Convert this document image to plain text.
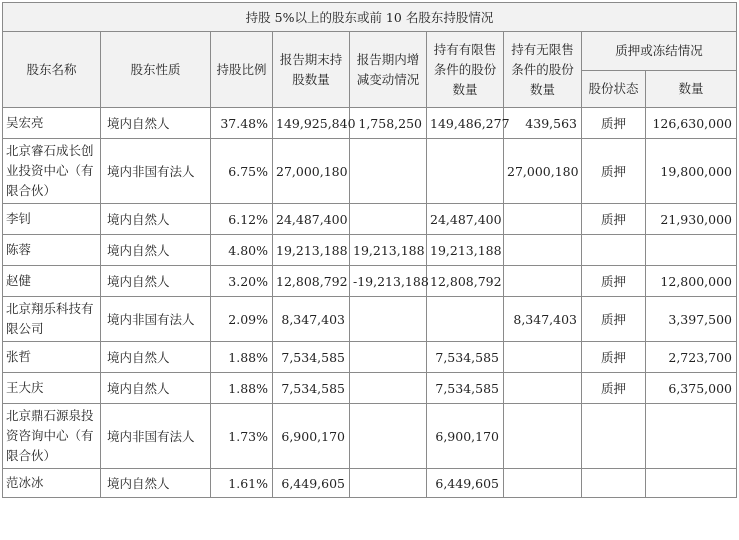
持股 5%以上的股东或前 10 名股东持股情况								
股东名称	股东性质	持股比例	报告期末持股数量	报告期内增减变动情况	持有有限售条件的股份数量	持有无限售条件的股份数量	质押或冻结情况	
							股份状态	数量
吴宏亮	境内自然人	37.48%	149,925,840	1,758,250	149,486,277	439,563	质押	126,630,000
北京睿石成长创业投资中心（有限合伙）	境内非国有法人	6.75%	27,000,180			27,000,180	质押	19,800,000
李钊	境内自然人	6.12%	24,487,400		24,487,400		质押	21,930,000
陈蓉	境内自然人	4.80%	19,213,188	19,213,188	19,213,188			
赵健	境内自然人	3.20%	12,808,792	-19,213,188	12,808,792		质押	12,800,000
北京翔乐科技有限公司	境内非国有法人	2.09%	8,347,403			8,347,403	质押	3,397,500
张哲	境内自然人	1.88%	7,534,585		7,534,585		质押	2,723,700
王大庆	境内自然人	1.88%	7,534,585		7,534,585		质押	6,375,000
北京鼎石源泉投资咨询中心（有限合伙）	境内非国有法人	1.73%	6,900,170		6,900,170			
范冰冰	境内自然人	1.61%	6,449,605		6,449,605			
